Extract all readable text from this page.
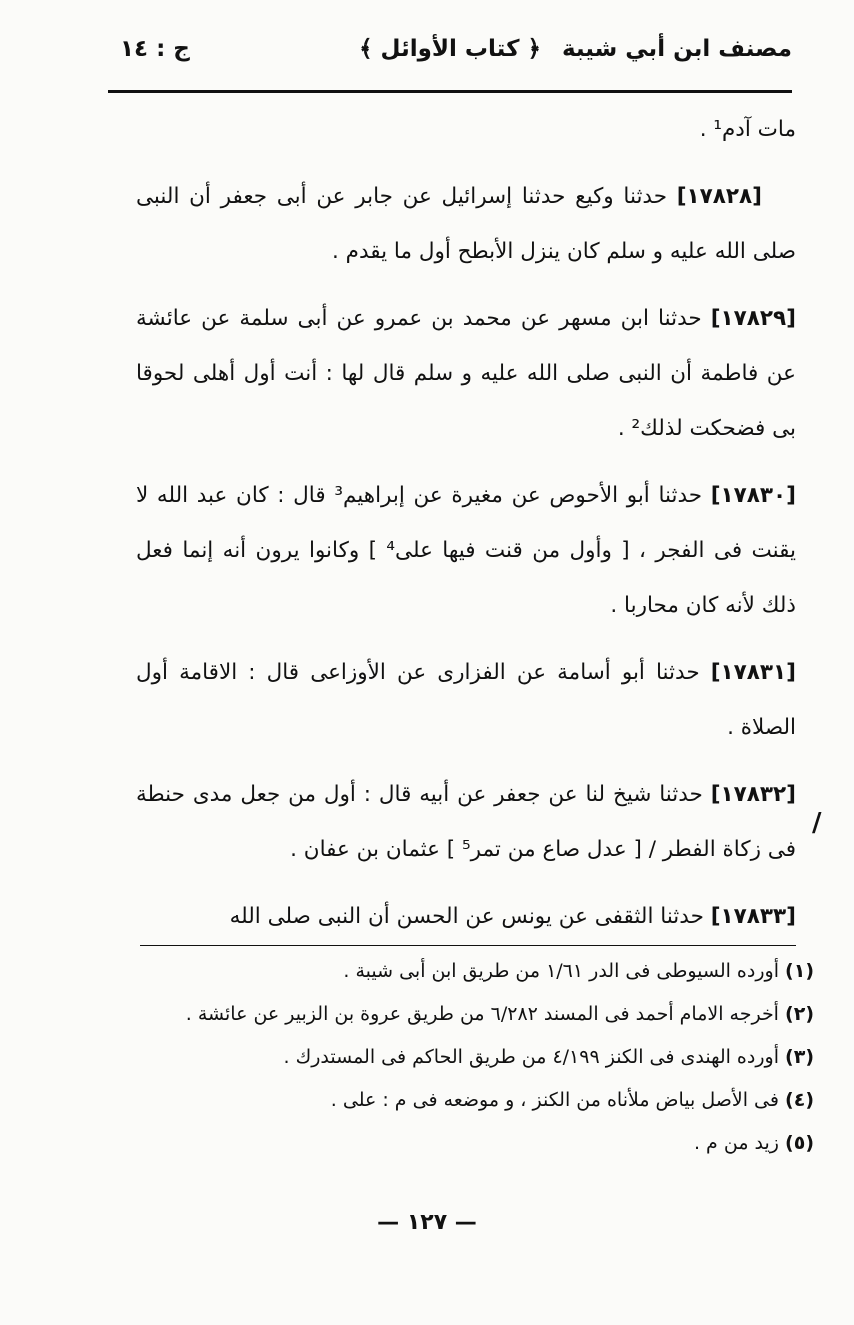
مصنف ابن أبي شيبة
﴿ كتاب الأوائل ﴾
ج : ١٤

مات آدم¹ .

[١٧٨٢٨] حدثنا وكيع حدثنا إسرائيل عن جابر عن أبى جعفر أن النبى صلى الله عليه و سلم كان ينزل الأبطح أول ما يقدم .

[١٧٨٢٩] حدثنا ابن مسهر عن محمد بن عمرو عن أبى سلمة عن عائشة عن فاطمة أن النبى صلى الله عليه و سلم قال لها : أنت أول أهلى لحوقا بى فضحكت لذلك² .

[١٧٨٣٠] حدثنا أبو الأحوص عن مغيرة عن إبراهيم³ قال : كان عبد الله لا يقنت فى الفجر ، [ وأول من قنت فيها على⁴ ] وكانوا يرون أنه إنما فعل ذلك لأنه كان محاربا .

[١٧٨٣١] حدثنا أبو أسامة عن الفزارى عن الأوزاعى قال : الاقامة أول الصلاة .

[١٧٨٣٢] حدثنا شيخ لنا عن جعفر عن أبيه قال : أول من جعل مدى حنطة فى زكاة الفطر / [ عدل صاع من تمر⁵ ] عثمان بن عفان .

[١٧٨٣٣] حدثنا الثقفى عن يونس عن الحسن أن النبى صلى الله

/
(١) أورده السيوطى فى الدر ١/٦١ من طريق ابن أبى شيبة .
(٢) أخرجه الامام أحمد فى المسند ٦/٢٨٢ من طريق عروة بن الزبير عن عائشة .
(٣) أورده الهندى فى الكنز ٤/١٩٩ من طريق الحاكم فى المستدرك .
(٤) فى الأصل بياض ملأناه من الكنز ، و موضعه فى م : على .
(٥) زيد من م .
— ١٢٧ —
